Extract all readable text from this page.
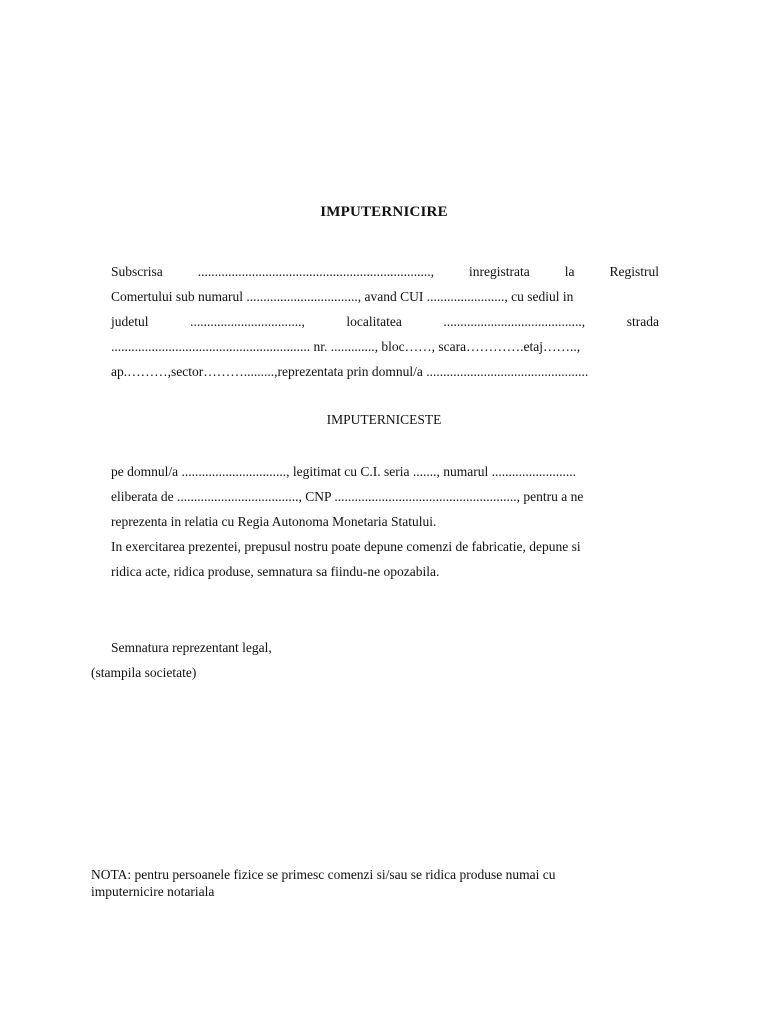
IMPUTERNICIRE
Subscrisa	.....................................................................,	inregistrata	la	Registrul
Comertului sub numarul ................................., avand CUI ......................., cu sediul in
judetul	.................................,	localitatea	.........................................,	strada
........................................................... nr. ............., bloc……, scara………….etaj……..,
ap.………,sector……….........,reprezentata prin domnul/a ................................................
IMPUTERNICESTE
pe domnul/a ..............................., legitimat cu C.I. seria ......., numarul .........................
eliberata de ...................................., CNP ......................................................, pentru a ne
reprezenta in relatia cu Regia Autonoma Monetaria Statului.
In exercitarea prezentei, prepusul nostru poate depune comenzi de fabricatie, depune si
ridica acte, ridica produse, semnatura sa fiindu-ne opozabila.
Semnatura reprezentant legal,
(stampila societate)
NOTA: pentru persoanele fizice se primesc comenzi si/sau se ridica produse numai cu
imputernicire notariala
